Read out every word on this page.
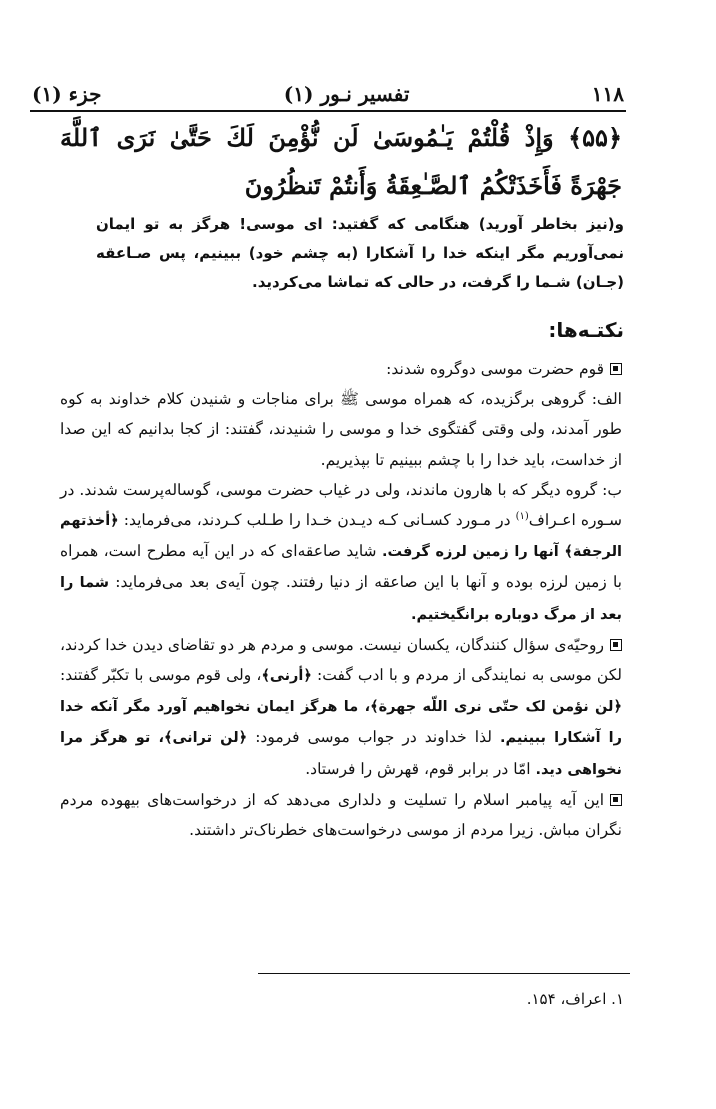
۱۱۸
تفسیر نـور (۱)
جزء (۱)
﴿۵۵﴾ وَإِذْ قُلْتُمْ يَـٰمُوسَىٰ لَن نُّؤْمِنَ لَكَ حَتَّىٰ نَرَى ٱللَّهَ جَهْرَةً فَأَخَذَتْكُمُ ٱلصَّـٰعِقَةُ وَأَنتُمْ تَنظُرُونَ
و(نیز بخاطر آورید) هنگامی که گفتید: ای موسی! هرگز به تو ایمان نمی‌آوریم مگر اینکه خدا را آشکارا (به چشم خود) ببینیم، پس صـاعقه (جـان) شـما را گرفت، در حالی که تماشا می‌کردید.
نکتـه‌ها:

قوم حضرت موسی دوگروه شدند:

الف: گروهی برگزیده، که همراه موسی ﷺ برای مناجات و شنیدن کلام خداوند به کوه طور آمدند، ولی وقتی گفتگوی خدا و موسی را شنیدند، گفتند: از کجا بدانیم که این صدا از خداست، باید خدا را با چشم ببینیم تا بپذیریم.

ب: گروه دیگر که با هارون ماندند، ولی در غیاب حضرت موسی، گوساله‌پرست شدند. در سـوره اعـراف$^{(۱)}$ در مـورد کسـانی کـه دیـدن خـدا را طـلب کـردند، می‌فرماید: ﴿أخذتهم الرجفة﴾ آنها را زمین لرزه گرفت. شاید صاعقه‌ای که در این آیه مطرح است، همراه با زمین لرزه بوده و آنها با این صاعقه از دنیا رفتند. چون آیه‌ی بعد می‌فرماید: شما را بعد از مرگ دوباره برانگیختیم.

روحیّه‌ی سؤال کنندگان، یکسان نیست. موسی و مردم هر دو تقاضای دیدن خدا کردند، لکن موسی به نمایندگی از مردم و با ادب گفت: ﴿أرنی﴾، ولی قوم موسی با تکبّر گفتند: ﴿لن نؤمن لک حتّی نری اللّه جهرة﴾، ما هرگز ایمان نخواهیم آورد مگر آنکه خدا را آشکارا ببینیم. لذا خداوند در جواب موسی فرمود: ﴿لن ترانی﴾، تو هرگز مرا نخواهی دید. امّا در برابر قوم، قهرش را فرستاد.

این آیه پیامبر اسلام را تسلیت و دلداری می‌دهد که از درخواست‌های بیهوده مردم نگران مباش. زیرا مردم از موسی درخواست‌های خطرناک‌تر داشتند.

۱. اعراف، ۱۵۴.
